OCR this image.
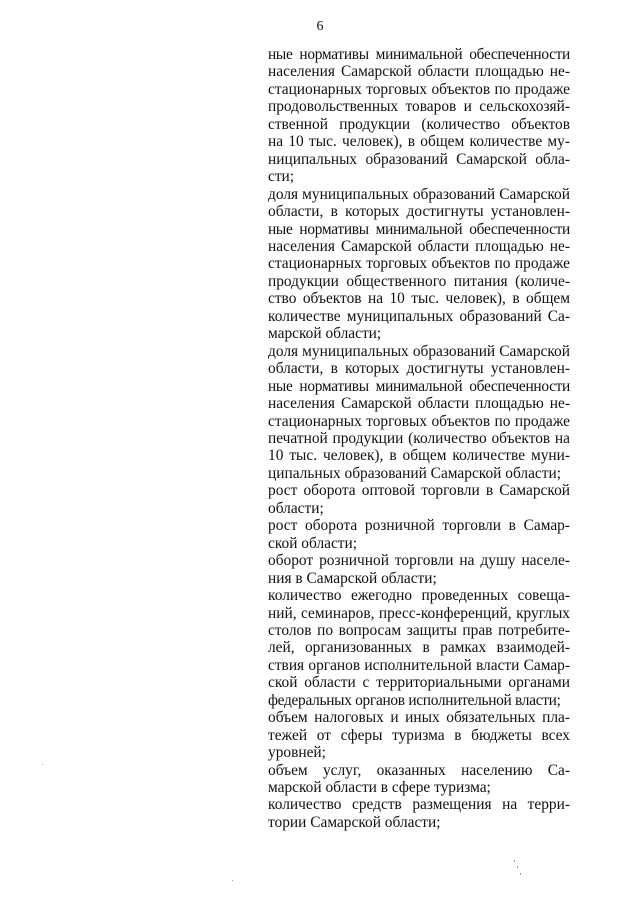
6
ные нормативы минимальной обеспеченности
населения Самарской области площадью не-
стационарных торговых объектов по продаже
продовольственных товаров и сельскохозяй-
ственной продукции (количество объектов
на 10 тыс. человек), в общем количестве му-
ниципальных образований Самарской обла-
сти;
доля муниципальных образований Самарской
области, в которых достигнуты установлен-
ные нормативы минимальной обеспеченности
населения Самарской области площадью не-
стационарных торговых объектов по продаже
продукции общественного питания (количе-
ство объектов на 10 тыс. человек), в общем
количестве муниципальных образований Са-
марской области;
доля муниципальных образований Самарской
области, в которых достигнуты установлен-
ные нормативы минимальной обеспеченности
населения Самарской области площадью не-
стационарных торговых объектов по продаже
печатной продукции (количество объектов на
10 тыс. человек), в общем количестве муни-
ципальных образований Самарской области;
рост оборота оптовой торговли в Самарской
области;
рост оборота розничной торговли в Самар-
ской области;
оборот розничной торговли на душу населе-
ния в Самарской области;
количество ежегодно проведенных совеща-
ний, семинаров, пресс-конференций, круглых
столов по вопросам защиты прав потребите-
лей, организованных в рамках взаимодей-
ствия органов исполнительной власти Самар-
ской области с территориальными органами
федеральных органов исполнительной власти;
объем налоговых и иных обязательных пла-
тежей от сферы туризма в бюджеты всех
уровней;
объем услуг, оказанных населению Са-
марской области в сфере туризма;
количество средств размещения на терри-
тории Самарской области;
